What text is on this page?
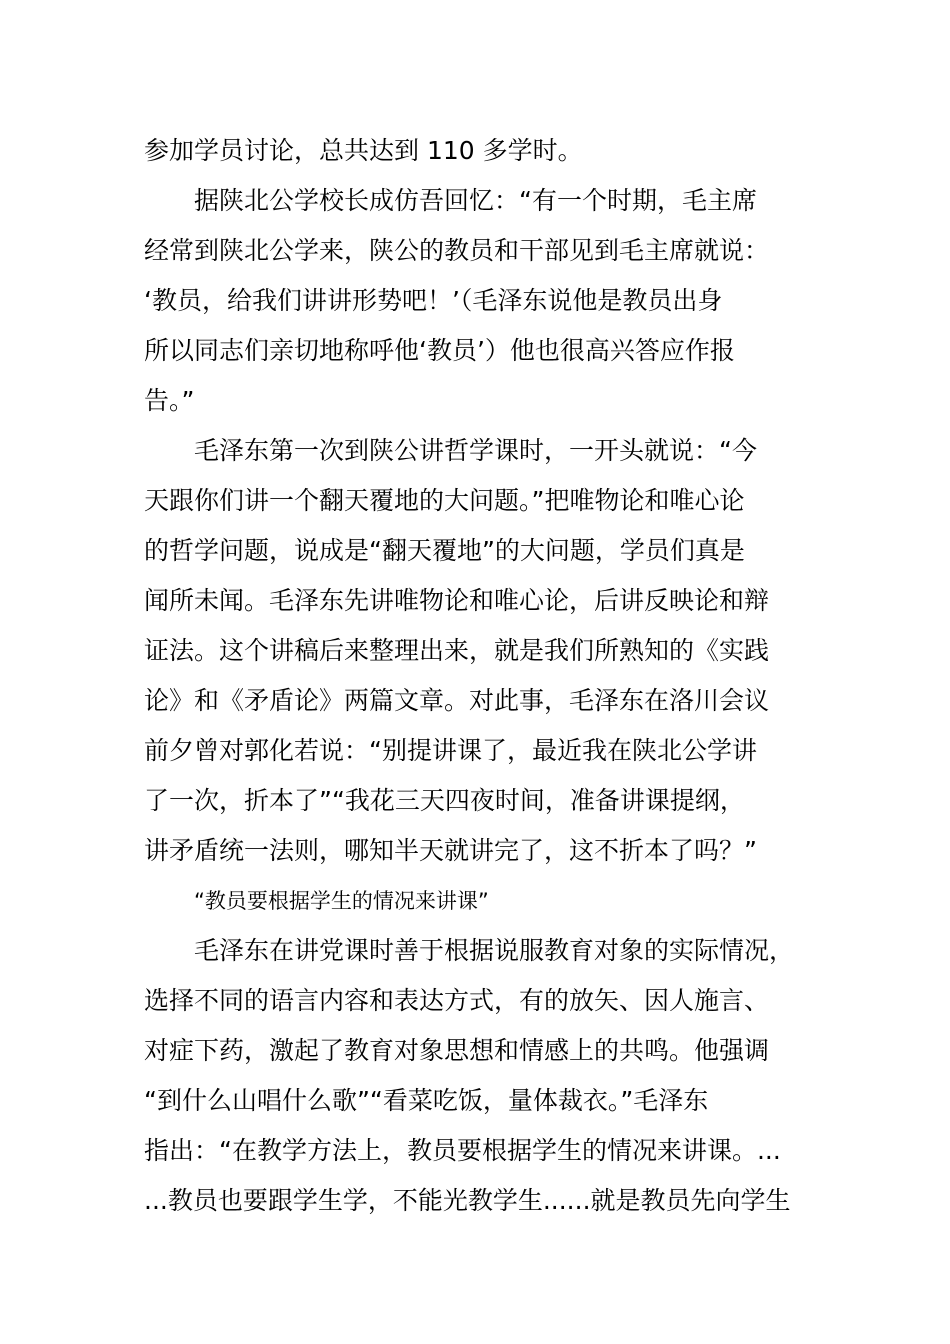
参加学员讨论，总共达到 110 多学时。
据陕北公学校长成仿吾回忆：“有一个时期，毛主席
经常到陕北公学来，陕公的教员和干部见到毛主席就说：
‘教员，给我们讲讲形势吧！’（毛泽东说他是教员出身
所以同志们亲切地称呼他‘教员’）他也很高兴答应作报
告。”
毛泽东第一次到陕公讲哲学课时，一开头就说：“今
天跟你们讲一个翻天覆地的大问题。”把唯物论和唯心论
的哲学问题，说成是“翻天覆地”的大问题，学员们真是
闻所未闻。毛泽东先讲唯物论和唯心论，后讲反映论和辩
证法。这个讲稿后来整理出来，就是我们所熟知的《实践
论》和《矛盾论》两篇文章。对此事，毛泽东在洛川会议
前夕曾对郭化若说：“别提讲课了，最近我在陕北公学讲
了一次，折本了”“我花三天四夜时间，准备讲课提纲，
讲矛盾统一法则，哪知半天就讲完了，这不折本了吗？”
“教员要根据学生的情况来讲课”
毛泽东在讲党课时善于根据说服教育对象的实际情况，
选择不同的语言内容和表达方式，有的放矢、因人施言、
对症下药，激起了教育对象思想和情感上的共鸣。他强调
“到什么山唱什么歌”“看菜吃饭，量体裁衣。”毛泽东
指出：“在教学方法上，教员要根据学生的情况来讲课。...
...教员也要跟学生学，不能光教学生......就是教员先向学生
